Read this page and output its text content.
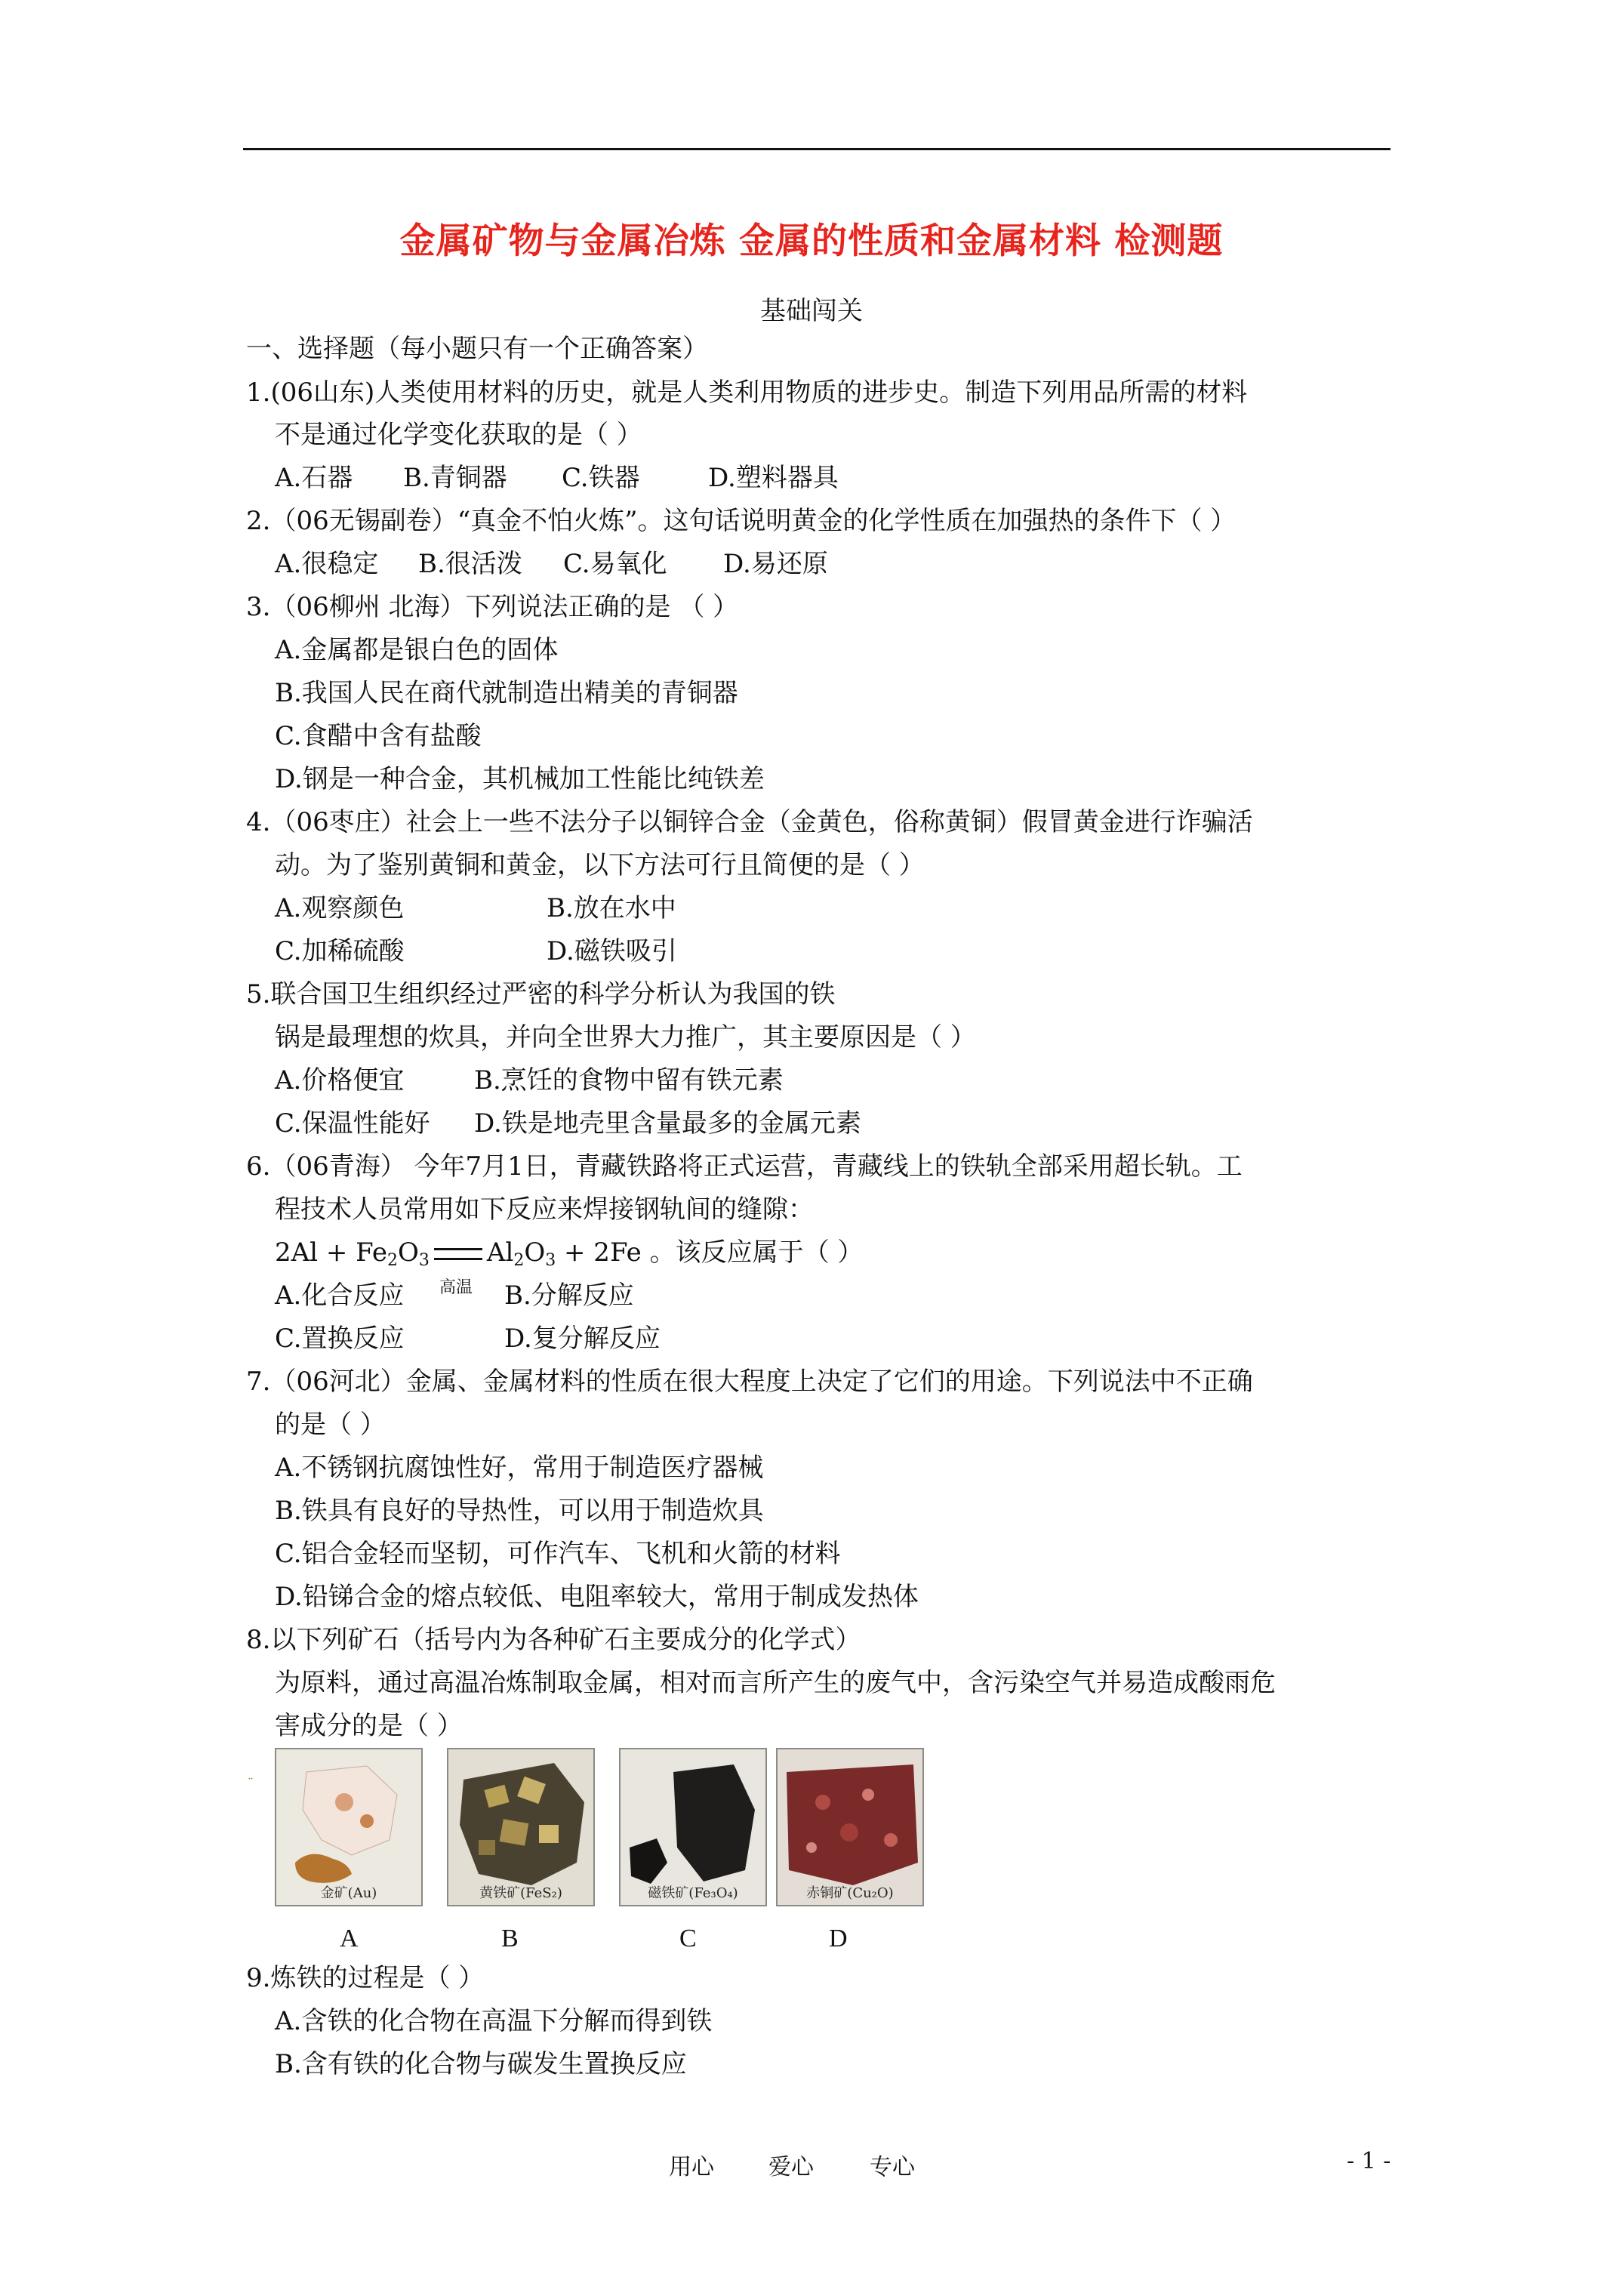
金属矿物与金属冶炼 金属的性质和金属材料 检测题
基础闯关
一、选择题（每小题只有一个正确答案）
1.(06山东)人类使用材料的历史，就是人类利用物质的进步史。制造下列用品所需的材料
不是通过化学变化获取的是（ ）
A.石器 B.青铜器 C.铁器	D.塑料器具
2.（06无锡副卷）“真金不怕火炼”。这句话说明黄金的化学性质在加强热的条件下（ ）
A.很稳定 B.很活泼 C.易氧化 D.易还原
3.（06柳州 北海）下列说法正确的是 （ ）
A.金属都是银白色的固体
B.我国人民在商代就制造出精美的青铜器
C.食醋中含有盐酸
D.钢是一种合金，其机械加工性能比纯铁差
4.（06枣庄）社会上一些不法分子以铜锌合金（金黄色，俗称黄铜）假冒黄金进行诈骗活
动。为了鉴别黄铜和黄金，以下方法可行且简便的是（ ）
A.观察颜色	B.放在水中
C.加稀硫酸	D.磁铁吸引
5.联合国卫生组织经过严密的科学分析认为我国的铁
锅是最理想的炊具，并向全世界大力推广，其主要原因是（ ）
A.价格便宜	B.烹饪的食物中留有铁元素
C.保温性能好 D.铁是地壳里含量最多的金属元素
6.（06青海） 今年7月1日，青藏铁路将正式运营，青藏线上的铁轨全部采用超长轨。工
程技术人员常用如下反应来焊接钢轨间的缝隙：
$2Al + Fe_2O_3$ $Al_2O_3 + 2Fe$ 。该反应属于（ ）
高温
A.化合反应	B.分解反应
C.置换反应	D.复分解反应
7.（06河北）金属、金属材料的性质在很大程度上决定了它们的用途。下列说法中不正确
的是（ ）
A.不锈钢抗腐蚀性好，常用于制造医疗器械
B.铁具有良好的导热性，可以用于制造炊具
C.铝合金轻而坚韧，可作汽车、飞机和火箭的材料
D.铅锑合金的熔点较低、电阻率较大，常用于制成发热体
8.以下列矿石（括号内为各种矿石主要成分的化学式）
为原料，通过高温冶炼制取金属，相对而言所产生的废气中，含污染空气并易造成酸雨危
害成分的是（ ）
¨
金矿(Au)	黄铁矿(FeS₂)	磁铁矿(Fe₃O₄)	赤铜矿(Cu₂O)
A	B	C	D
9.炼铁的过程是（ ）
A.含铁的化合物在高温下分解而得到铁
B.含有铁的化合物与碳发生置换反应
用心 爱心 专心	- 1 -
